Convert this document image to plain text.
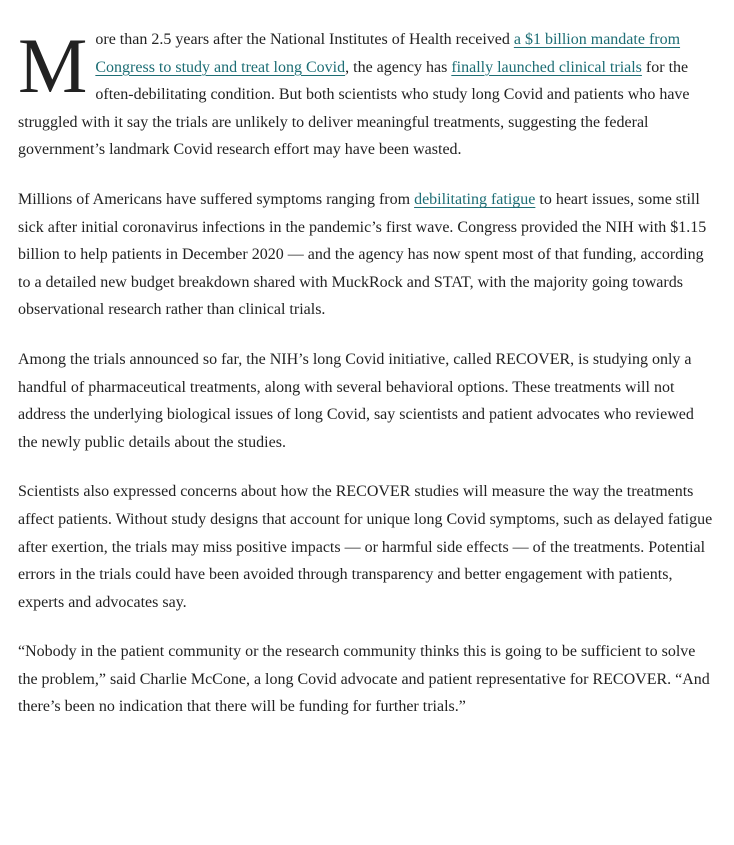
More than 2.5 years after the National Institutes of Health received a $1 billion mandate from Congress to study and treat long Covid, the agency has finally launched clinical trials for the often-debilitating condition. But both scientists who study long Covid and patients who have struggled with it say the trials are unlikely to deliver meaningful treatments, suggesting the federal government’s landmark Covid research effort may have been wasted.

Millions of Americans have suffered symptoms ranging from debilitating fatigue to heart issues, some still sick after initial coronavirus infections in the pandemic’s first wave. Congress provided the NIH with $1.15 billion to help patients in December 2020 — and the agency has now spent most of that funding, according to a detailed new budget breakdown shared with MuckRock and STAT, with the majority going towards observational research rather than clinical trials.

Among the trials announced so far, the NIH’s long Covid initiative, called RECOVER, is studying only a handful of pharmaceutical treatments, along with several behavioral options. These treatments will not address the underlying biological issues of long Covid, say scientists and patient advocates who reviewed the newly public details about the studies.

Scientists also expressed concerns about how the RECOVER studies will measure the way the treatments affect patients. Without study designs that account for unique long Covid symptoms, such as delayed fatigue after exertion, the trials may miss positive impacts — or harmful side effects — of the treatments. Potential errors in the trials could have been avoided through transparency and better engagement with patients, experts and advocates say.

“Nobody in the patient community or the research community thinks this is going to be sufficient to solve the problem,” said Charlie McCone, a long Covid advocate and patient representative for RECOVER. “And there’s been no indication that there will be funding for further trials.”
